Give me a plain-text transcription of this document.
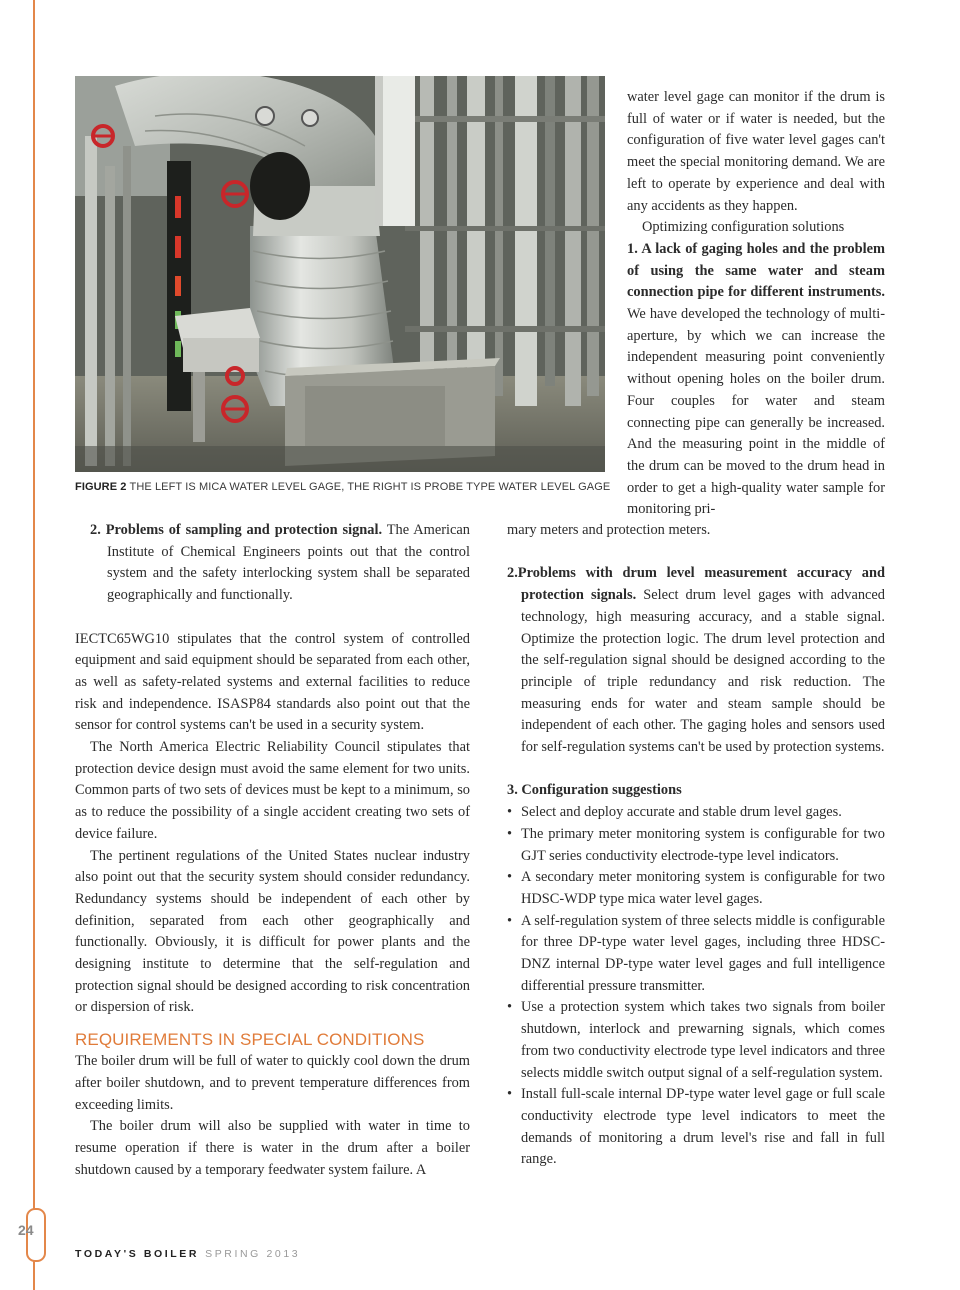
24
FIGURE 2 THE LEFT IS MICA WATER LEVEL GAGE, THE RIGHT IS PROBE TYPE WATER LEVEL GAGE

water level gage can monitor if the drum is full of water or if water is needed, but the configuration of five water level gages can't meet the special monitoring demand. We are left to operate by experience and deal with any accidents as they happen.

Optimizing configuration solutions

1. A lack of gaging holes and the problem of using the same water and steam connection pipe for different instruments. We have developed the technology of multi-aperture, by which we can increase the independent measuring point conveniently without opening holes on the boiler drum. Four couples for water and steam connecting pipe can generally be increased. And the measuring point in the middle of the drum can be moved to the drum head in order to get a high-quality water sample for monitoring pri-

2. Problems of sampling and protection signal. The American Institute of Chemical Engineers points out that the control system and the safety interlocking system shall be separated geographically and functionally.

IECTC65WG10 stipulates that the control system of controlled equipment and said equipment should be separated from each other, as well as safety-related systems and external facilities to reduce risk and independence. ISASP84 standards also point out that the sensor for control systems can't be used in a security system.

The North America Electric Reliability Council stipulates that protection device design must avoid the same element for two units. Common parts of two sets of devices must be kept to a minimum, so as to reduce the possibility of a single accident creating two sets of device failure.

The pertinent regulations of the United States nuclear industry also point out that the security system should consider redundancy. Redundancy systems should be independent of each other by definition, separated from each other geographically and functionally. Obviously, it is difficult for power plants and the designing institute to determine that the self-regulation and protection signal should be designed according to risk concentration or dispersion of risk.

REQUIREMENTS IN SPECIAL CONDITIONS

The boiler drum will be full of water to quickly cool down the drum after boiler shutdown, and to prevent temperature differences from exceeding limits.

The boiler drum will also be supplied with water in time to resume operation if there is water in the drum after a boiler shutdown caused by a temporary feedwater system failure. A

mary meters and protection meters.

2.Problems with drum level measurement accuracy and protection signals. Select drum level gages with advanced technology, high measuring accuracy, and a stable signal. Optimize the protection logic. The drum level protection and the self-regulation signal should be designed according to the principle of triple redundancy and risk reduction. The measuring ends for water and steam sample should be independent of each other. The gaging holes and sensors used for self-regulation systems can't be used by protection systems.

3. Configuration suggestions

• Select and deploy accurate and stable drum level gages.

• The primary meter monitoring system is configurable for two GJT series conductivity electrode-type level indicators.

• A secondary meter monitoring system is configurable for two HDSC-WDP type mica water level gages.

• A self-regulation system of three selects middle is configurable for three DP-type water level gages, including three HDSC-DNZ internal DP-type water level gages and full intelligence differential pressure transmitter.

• Use a protection system which takes two signals from boiler shutdown, interlock and prewarning signals, which comes from two conductivity electrode type level indicators and three selects middle switch output signal of a self-regulation system.

• Install full-scale internal DP-type water level gage or full scale conductivity electrode type level indicators to meet the demands of monitoring a drum level's rise and fall in full range.

TODAY'S BOILER SPRING 2013
